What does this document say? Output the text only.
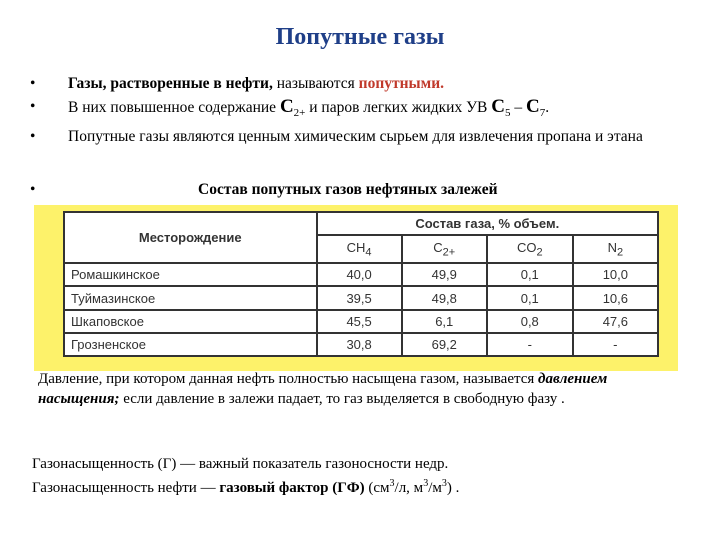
Попутные газы
• Газы, растворенные в нефти, называются попутными.
• В них повышенное содержание $С_{2+}$ и паров легких жидких УВ $С_5 - С_7$.
• Попутные газы являются ценным химическим сырьем для извлечения пропана и этана
•	Состав попутных газов нефтяных залежей
Месторождение	Состав газа, % объем.			
	$CH_4$	$C_{2+}$	$CO_2$	$N_2$
Ромашкинское	40,0	49,9	0,1	10,0
Туймазинское	39,5	49,8	0,1	10,6
Шкаповское	45,5	6,1	0,8	47,6
Грозненское	30,8	69,2	-	-
Давление, при котором данная нефть полностью насыщена газом, называется давлением насыщения; если давление в залежи падает, то газ выделяется в свободную фазу .
Газонасыщенность (Г) — важный показатель газоносности недр.
Газонасыщенность нефти — газовый фактор (ГФ) ($см^3/л$, $м^3/м^3$) .
